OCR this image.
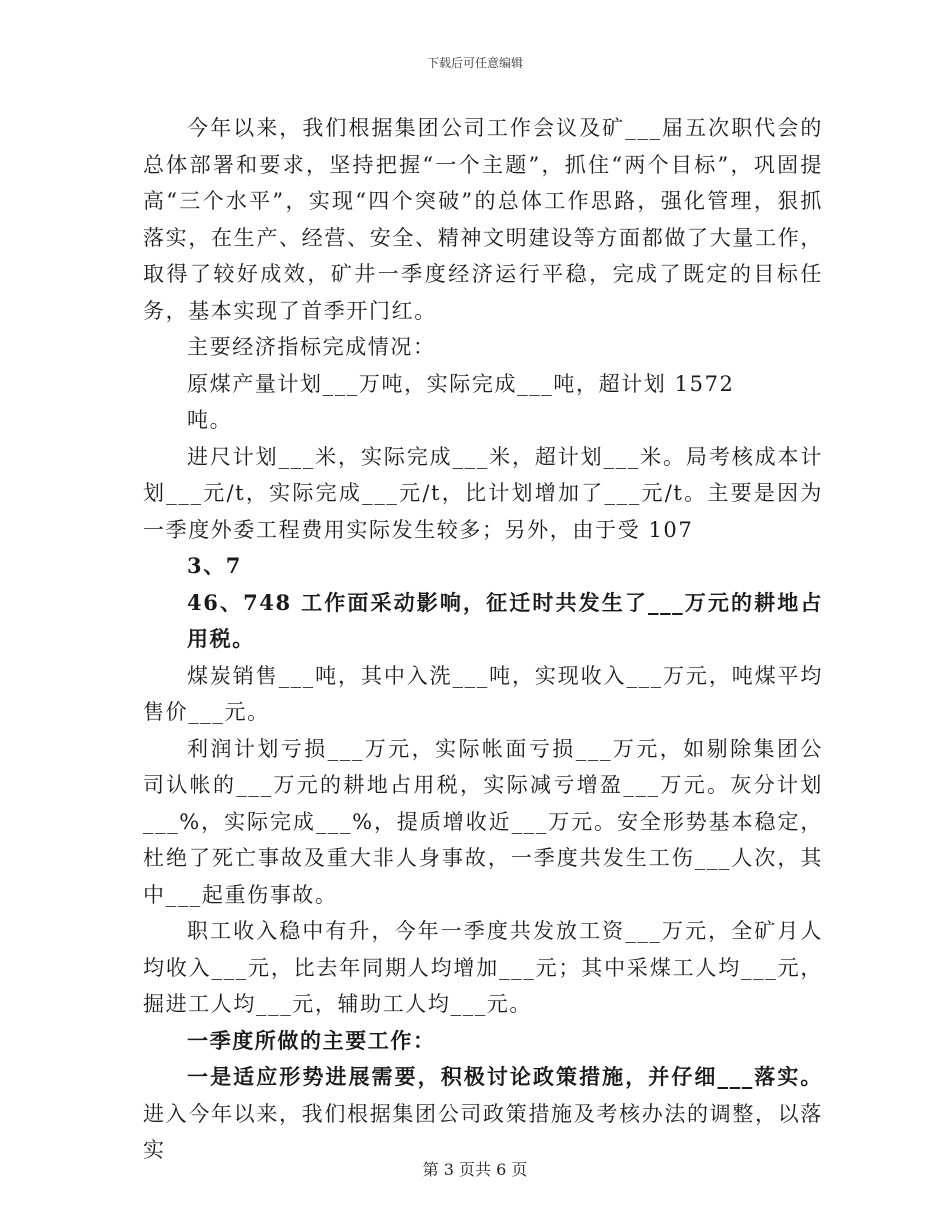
下载后可任意编辑

今年以来，我们根据集团公司工作会议及矿___届五次职代会的总体部署和要求，坚持把握“一个主题”，抓住“两个目标”，巩固提高“三个水平”，实现“四个突破”的总体工作思路，强化管理，狠抓落实，在生产、经营、安全、精神文明建设等方面都做了大量工作，取得了较好成效，矿井一季度经济运行平稳，完成了既定的目标任务，基本实现了首季开门红。

主要经济指标完成情况：

原煤产量计划___万吨，实际完成___吨，超计划 1572

吨。

进尺计划___米，实际完成___米，超计划___米。局考核成本计划___元/t，实际完成___元/t，比计划增加了___元/t。主要是因为一季度外委工程费用实际发生较多；另外，由于受 107

3、7

46、748 工作面采动影响，征迁时共发生了___万元的耕地占用税。

煤炭销售___吨，其中入洗___吨，实现收入___万元，吨煤平均售价___元。

利润计划亏损___万元，实际帐面亏损___万元，如剔除集团公司认帐的___万元的耕地占用税，实际减亏增盈___万元。灰分计划___%，实际完成___%，提质增收近___万元。安全形势基本稳定，杜绝了死亡事故及重大非人身事故，一季度共发生工伤___人次，其中___起重伤事故。

职工收入稳中有升，今年一季度共发放工资___万元，全矿月人均收入___元，比去年同期人均增加___元；其中采煤工人均___元，掘进工人均___元，辅助工人均___元。

一季度所做的主要工作：

一是适应形势进展需要，积极讨论政策措施，并仔细___落实。进入今年以来，我们根据集团公司政策措施及考核办法的调整，以落实

第 3 页共 6 页
